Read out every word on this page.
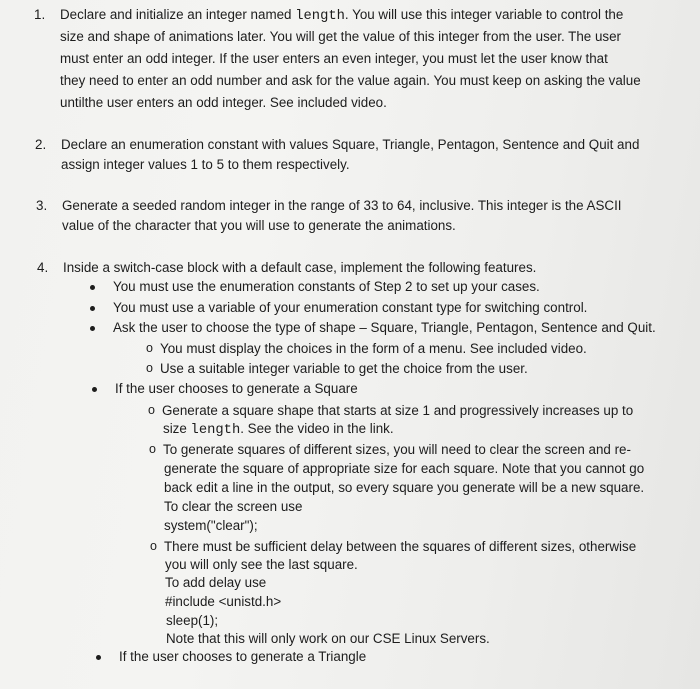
1. Declare and initialize an integer named length. You will use this integer variable to control the
size and shape of animations later. You will get the value of this integer from the user. The user
must enter an odd integer. If the user enters an even integer, you must let the user know that
they need to enter an odd number and ask for the value again. You must keep on asking the value
untilthe user enters an odd integer. See included video.
2. Declare an enumeration constant with values Square, Triangle, Pentagon, Sentence and Quit and
assign integer values 1 to 5 to them respectively.
3. Generate a seeded random integer in the range of 33 to 64, inclusive. This integer is the ASCII
value of the character that you will use to generate the animations.
4. Inside a switch-case block with a default case, implement the following features.
You must use the enumeration constants of Step 2 to set up your cases.
You must use a variable of your enumeration constant type for switching control.
Ask the user to choose the type of shape – Square, Triangle, Pentagon, Sentence and Quit.
o You must display the choices in the form of a menu. See included video.
o Use a suitable integer variable to get the choice from the user.
If the user chooses to generate a Square
o Generate a square shape that starts at size 1 and progressively increases up to
size length. See the video in the link.
o To generate squares of different sizes, you will need to clear the screen and re-
generate the square of appropriate size for each square. Note that you cannot go
back edit a line in the output, so every square you generate will be a new square.
To clear the screen use
system("clear");
o There must be sufficient delay between the squares of different sizes, otherwise
you will only see the last square.
To add delay use
#include <unistd.h>
sleep(1);
Note that this will only work on our CSE Linux Servers.
If the user chooses to generate a Triangle
